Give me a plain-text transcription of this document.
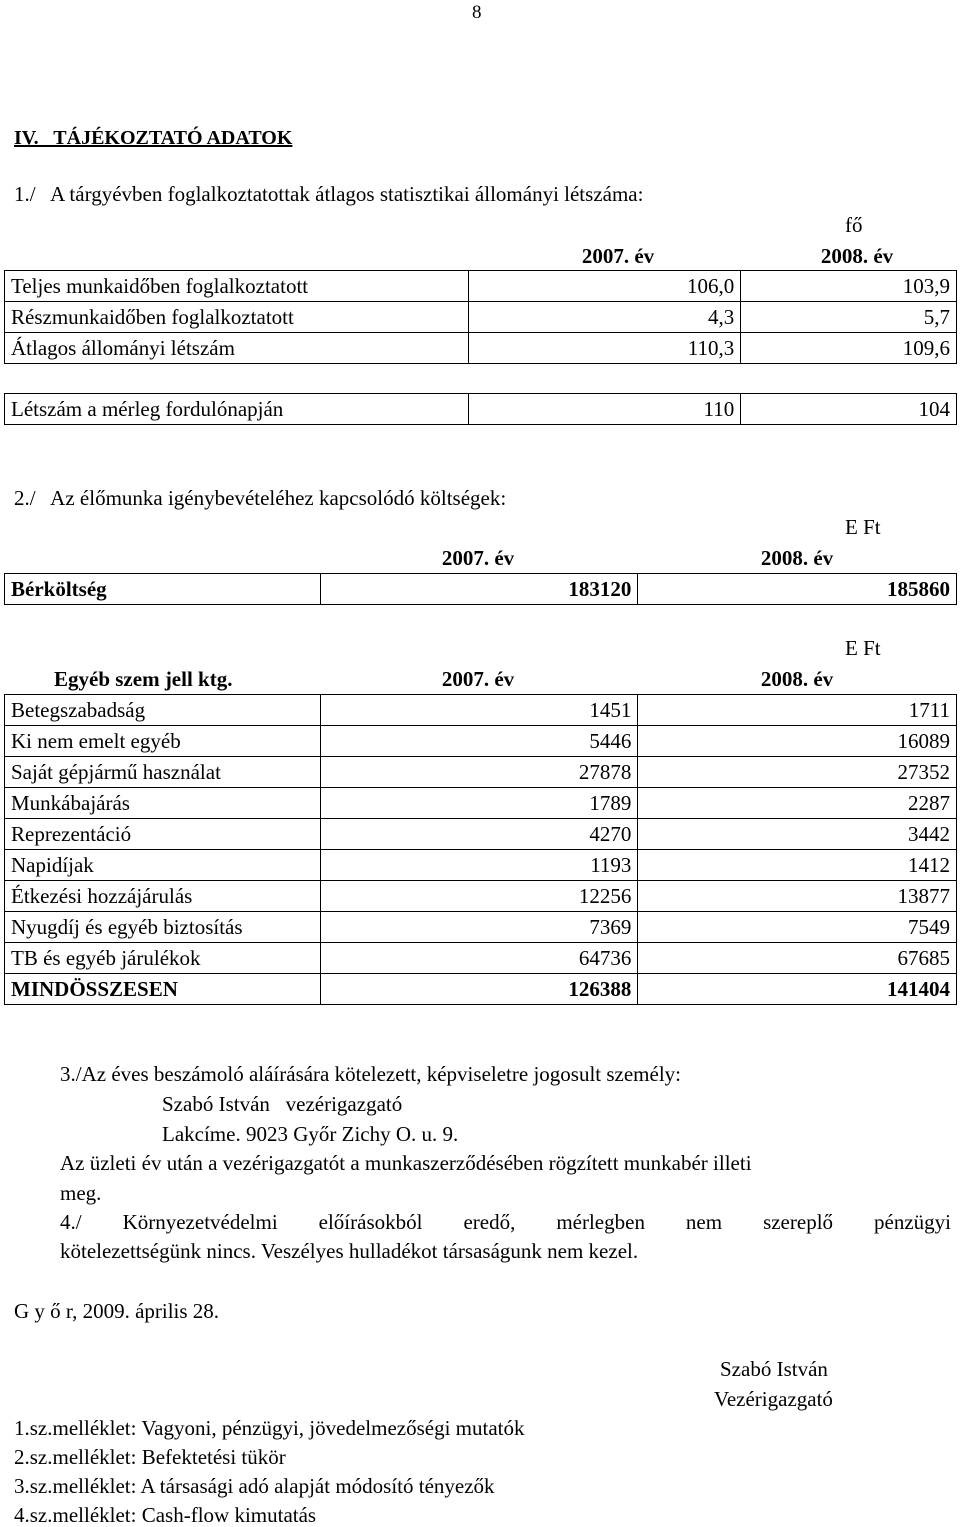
8
IV.   TÁJÉKOZTATÓ ADATOK
1./   A tárgyévben foglalkoztatottak átlagos statisztikai állományi létszáma:
fő
2007. év	2008. év
Teljes munkaidőben foglalkoztatott	106,0	103,9
Részmunkaidőben foglalkoztatott	4,3	5,7
Átlagos állományi létszám	110,3	109,6
Létszám a mérleg fordulónapján	110	104
2./   Az élőmunka igénybevételéhez kapcsolódó költségek:
E Ft
2007. év	2008. év
Bérköltség	183120	185860
E Ft
Egyéb szem jell ktg.	2007. év	2008. év
Betegszabadság	1451	1711
Ki nem emelt egyéb	5446	16089
Saját gépjármű használat	27878	27352
Munkábajárás	1789	2287
Reprezentáció	4270	3442
Napidíjak	1193	1412
Étkezési hozzájárulás	12256	13877
Nyugdíj és egyéb biztosítás	7369	7549
TB és egyéb járulékok	64736	67685
MINDÖSSZESEN	126388	141404
3./Az éves beszámoló aláírására kötelezett, képviseletre jogosult személy:
Szabó István   vezérigazgató
Lakcíme. 9023 Győr Zichy O. u. 9.
Az üzleti év után a vezérigazgatót a munkaszerződésében rögzített munkabér illeti
meg.
4./ Környezetvédelmi előírásokból eredő, mérlegben nem szereplő pénzügyi
kötelezettségünk nincs. Veszélyes hulladékot társaságunk nem kezel.
G y ő r, 2009. április 28.
Szabó István
Vezérigazgató
1.sz.melléklet: Vagyoni, pénzügyi, jövedelmezőségi mutatók
2.sz.melléklet: Befektetési tükör
3.sz.melléklet: A társasági adó alapját módosító tényezők
4.sz.melléklet: Cash-flow kimutatás
